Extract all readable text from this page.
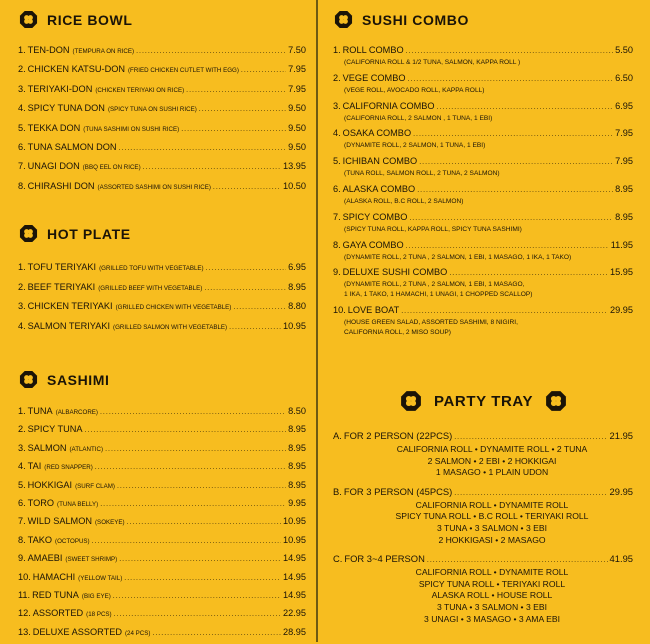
RICE BOWL
1. TEN-DON (TEMPURA ON RICE) .....	7.50
2. CHICKEN KATSU-DON (FRIED CHICKEN CUTLET WITH EGG) .....	7.95
3. TERIYAKI-DON (CHICKEN TERIYAKI ON RICE) .....	7.95
4. SPICY TUNA DON (SPICY TUNA ON SUSHI RICE) .....	9.50
5. TEKKA DON (TUNA SASHIMI ON SUSHI RICE) .....	9.50
6. TUNA SALMON DON .....	9.50
7. UNAGI DON (BBQ EEL ON RICE) .....	13.95
8. CHIRASHI DON (ASSORTED SASHIMI ON SUSHI RICE) .....	10.50
HOT PLATE
1. TOFU TERIYAKI (GRILLED TOFU WITH VEGETABLE) .....	6.95
2. BEEF TERIYAKI (GRILLED BEEF WITH VEGETABLE) .....	8.95
3. CHICKEN TERIYAKI (GRILLED CHICKEN WITH VEGETABLE) .....	8.80
4. SALMON TERIYAKI (GRILLED SALMON WITH VEGETABLE) .....	10.95
SASHIMI
1. TUNA (ALBARCORE) .....	8.50
2. SPICY TUNA .....	8.95
3. SALMON (ATLANTIC) .....	8.95
4. TAI (RED SNAPPER) .....	8.95
5. HOKKIGAI (SURF CLAM) .....	8.95
6. TORO (TUNA BELLY) .....	9.95
7. WILD SALMON (SOKEYE) .....	10.95
8. TAKO (OCTOPUS) .....	10.95
9. AMAEBI (SWEET SHRIMP) .....	14.95
10. HAMACHI (YELLOW TAIL) .....	14.95
11. RED TUNA (BIG EYE) .....	14.95
12. ASSORTED (18 PCS) .....	22.95
13. DELUXE ASSORTED (24 PCS) .....	28.95
SUSHI COMBO
1. ROLL COMBO .....	5.50
(CALIFORNIA ROLL & 1/2 TUNA, SALMON, KAPPA ROLL )
2. VEGE COMBO .....	6.50
(VEGE ROLL, AVOCADO ROLL, KAPPA ROLL)
3. CALIFORNIA COMBO .....	6.95
(CALIFORNIA ROLL, 2 SALMON , 1 TUNA, 1 EBI)
4. OSAKA COMBO .....	7.95
(DYNAMITE ROLL, 2 SALMON, 1 TUNA, 1 EBI)
5. ICHIBAN COMBO .....	7.95
(TUNA ROLL, SALMON ROLL, 2 TUNA, 2 SALMON)
6. ALASKA COMBO .....	8.95
(ALASKA ROLL, B.C ROLL, 2 SALMON)
7. SPICY COMBO .....	8.95
(SPICY TUNA ROLL, KAPPA ROLL, SPICY TUNA SASHIMI)
8. GAYA COMBO .....	11.95
(DYNAMITE ROLL, 2 TUNA , 2 SALMON, 1 EBI, 1 MASAGO, 1 IKA, 1 TAKO)
9. DELUXE SUSHI COMBO .....	15.95
(DYNAMITE ROLL, 2 TUNA , 2 SALMON, 1 EBI, 1 MASAGO,
1 IKA, 1 TAKO, 1 HAMACHI, 1 UNAGI, 1 CHOPPED SCALLOP)
10. LOVE BOAT .....	29.95
(HOUSE GREEN SALAD, ASSORTED SASHIMI, 8 NIGIRI,
CALIFORNIA ROLL, 2 MISO SOUP)
PARTY TRAY
A. FOR 2 PERSON (22PCS) .....	21.95
CALIFORNIA ROLL • DYNAMITE ROLL • 2 TUNA
2 SALMON • 2 EBI • 2 HOKKIGAI
1 MASAGO • 1 PLAIN UDON
B. FOR 3 PERSON (45PCS) .....	29.95
CALIFORNIA ROLL • DYNAMITE ROLL
SPICY TUNA ROLL • B.C ROLL • TERIYAKI ROLL
3 TUNA • 3 SALMON • 3 EBI
2 HOKKIGASI • 2 MASAGO
C. FOR 3~4 PERSON .....	41.95
CALIFORNIA ROLL • DYNAMITE ROLL
SPICY TUNA ROLL • TERIYAKI ROLL
ALASKA ROLL • HOUSE ROLL
3 TUNA • 3 SALMON • 3 EBI
3 UNAGI • 3 MASAGO • 3 AMA EBI
